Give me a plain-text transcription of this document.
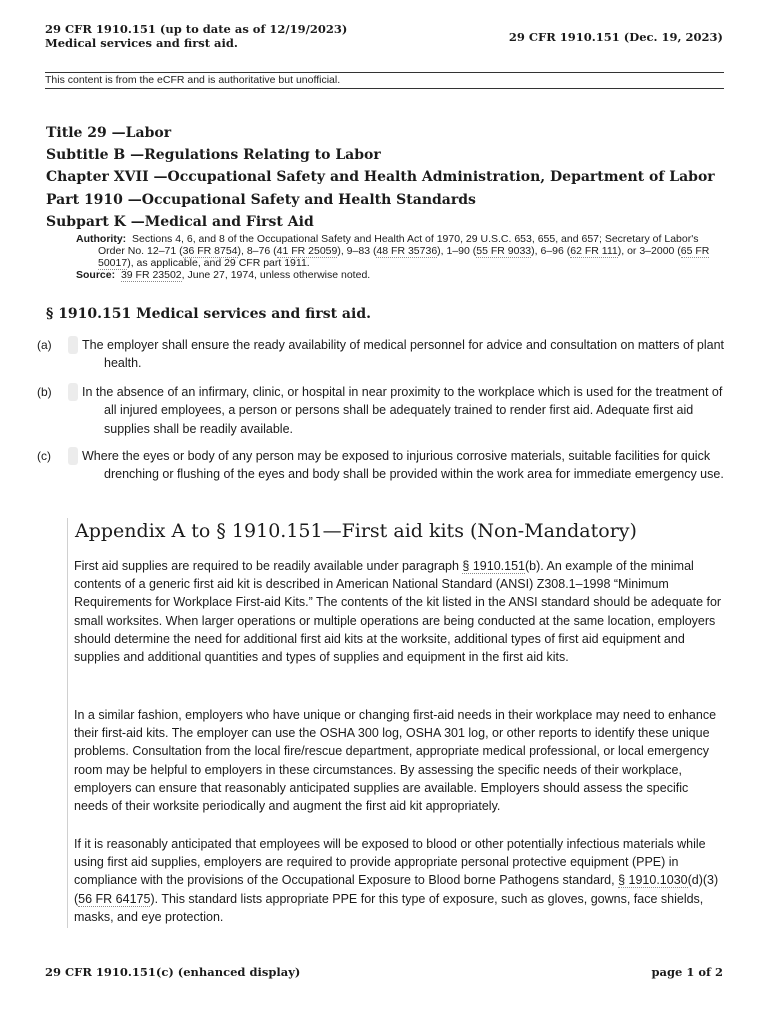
29 CFR 1910.151 (up to date as of 12/19/2023)
Medical services and first aid.	29 CFR 1910.151 (Dec. 19, 2023)
This content is from the eCFR and is authoritative but unofficial.
Title 29 —Labor
Subtitle B —Regulations Relating to Labor
Chapter XVII —Occupational Safety and Health Administration, Department of Labor
Part 1910 —Occupational Safety and Health Standards
Subpart K —Medical and First Aid
Authority: Sections 4, 6, and 8 of the Occupational Safety and Health Act of 1970, 29 U.S.C. 653, 655, and 657; Secretary of Labor's Order No. 12–71 (36 FR 8754), 8–76 (41 FR 25059), 9–83 (48 FR 35736), 1–90 (55 FR 9033), 6–96 (62 FR 111), or 3–2000 (65 FR 50017), as applicable, and 29 CFR part 1911.
Source: 39 FR 23502, June 27, 1974, unless otherwise noted.
§ 1910.151 Medical services and first aid.
(a) The employer shall ensure the ready availability of medical personnel for advice and consultation on matters of plant health.
(b) In the absence of an infirmary, clinic, or hospital in near proximity to the workplace which is used for the treatment of all injured employees, a person or persons shall be adequately trained to render first aid. Adequate first aid supplies shall be readily available.
(c) Where the eyes or body of any person may be exposed to injurious corrosive materials, suitable facilities for quick drenching or flushing of the eyes and body shall be provided within the work area for immediate emergency use.
Appendix A to § 1910.151—First aid kits (Non-Mandatory)
First aid supplies are required to be readily available under paragraph § 1910.151(b). An example of the minimal contents of a generic first aid kit is described in American National Standard (ANSI) Z308.1–1998 “Minimum Requirements for Workplace First-aid Kits.” The contents of the kit listed in the ANSI standard should be adequate for small worksites. When larger operations or multiple operations are being conducted at the same location, employers should determine the need for additional first aid kits at the worksite, additional types of first aid equipment and supplies and additional quantities and types of supplies and equipment in the first aid kits.
In a similar fashion, employers who have unique or changing first-aid needs in their workplace may need to enhance their first-aid kits. The employer can use the OSHA 300 log, OSHA 301 log, or other reports to identify these unique problems. Consultation from the local fire/rescue department, appropriate medical professional, or local emergency room may be helpful to employers in these circumstances. By assessing the specific needs of their workplace, employers can ensure that reasonably anticipated supplies are available. Employers should assess the specific needs of their worksite periodically and augment the first aid kit appropriately.
If it is reasonably anticipated that employees will be exposed to blood or other potentially infectious materials while using first aid supplies, employers are required to provide appropriate personal protective equipment (PPE) in compliance with the provisions of the Occupational Exposure to Blood borne Pathogens standard, § 1910.1030(d)(3) (56 FR 64175). This standard lists appropriate PPE for this type of exposure, such as gloves, gowns, face shields, masks, and eye protection.
29 CFR 1910.151(c) (enhanced display)	page 1 of 2
